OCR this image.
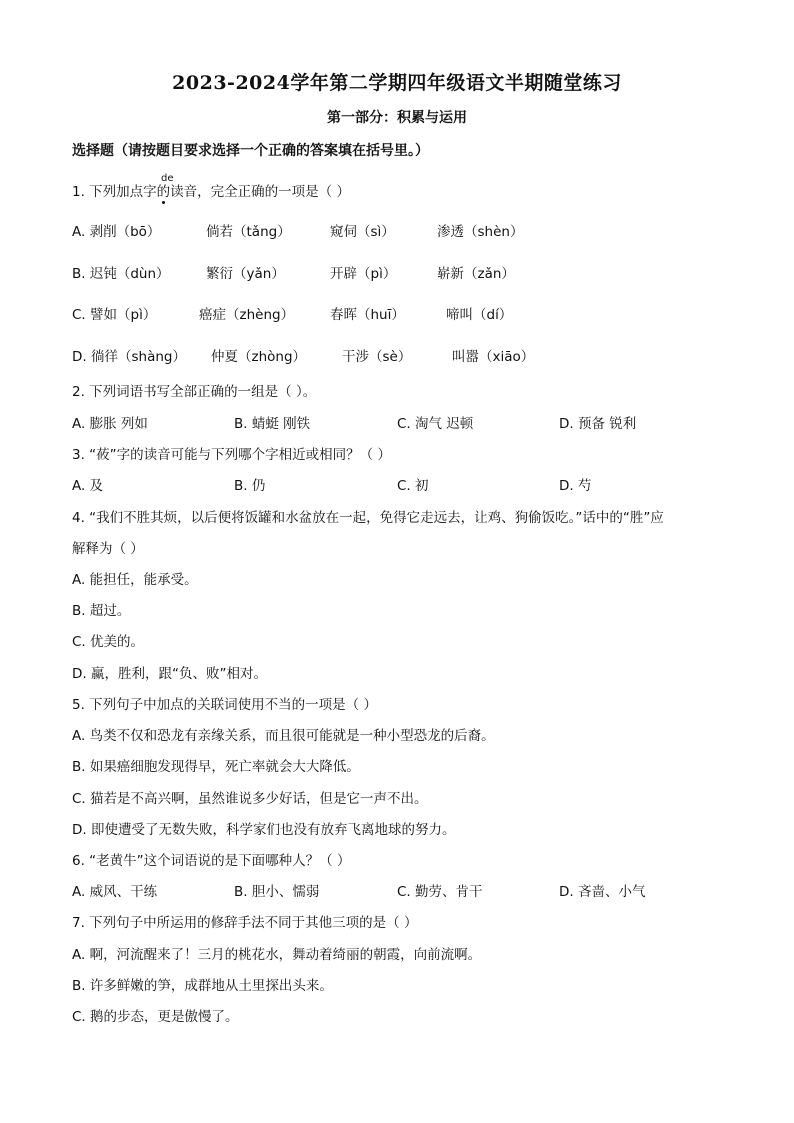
2023-2024学年第二学期四年级语文半期随堂练习
第一部分：积累与运用
选择题（请按题目要求选择一个正确的答案填在括号里。）
1. 下列加点字的读音，完全正确的一项是（ ）
de
A. 剥削（bō）	倘若（tǎng）	窥伺（sì）	渗透（shèn）
B. 迟钝（dùn）	繁衍（yǎn）	开辟（pì）	崭新（zǎn）
C. 譬如（pì）	癌症（zhèng）	春晖（huī）	啼叫（dí）
D. 徜徉（shàng） 仲夏（zhòng）	干涉（sè）	叫嚣（xiāo）
2. 下列词语书写全部正确的一组是（ ）。
A. 膨胀 列如	B. 蜻蜓 刚铁	C. 淘气 迟顿	D. 预备 锐利
3. “莜”字的读音可能与下列哪个字相近或相同？（ ）
A. 及	B. 仍	C. 初	D. 芍
4. “我们不胜其烦，以后便将饭罐和水盆放在一起，免得它走远去，让鸡、狗偷饭吃。”话中的“胜”应
解释为（ ）
A. 能担任，能承受。
B. 超过。
C. 优美的。
D. 赢，胜利，跟“负、败”相对。
5. 下列句子中加点的关联词使用不当的一项是（ ）
A. 鸟类不仅和恐龙有亲缘关系，而且很可能就是一种小型恐龙的后裔。
B. 如果癌细胞发现得早，死亡率就会大大降低。
C. 猫若是不高兴啊，虽然谁说多少好话，但是它一声不出。
D. 即使遭受了无数失败，科学家们也没有放弃飞离地球的努力。
6. “老黄牛”这个词语说的是下面哪种人？（ ）
A. 威风、干练	B. 胆小、懦弱	C. 勤劳、肯干	D. 吝啬、小气
7. 下列句子中所运用的修辞手法不同于其他三项的是（ ）
A. 啊，河流醒来了！三月的桃花水，舞动着绮丽的朝霞，向前流啊。
B. 许多鲜嫩的笋，成群地从土里探出头来。
C. 鹅的步态，更是傲慢了。
